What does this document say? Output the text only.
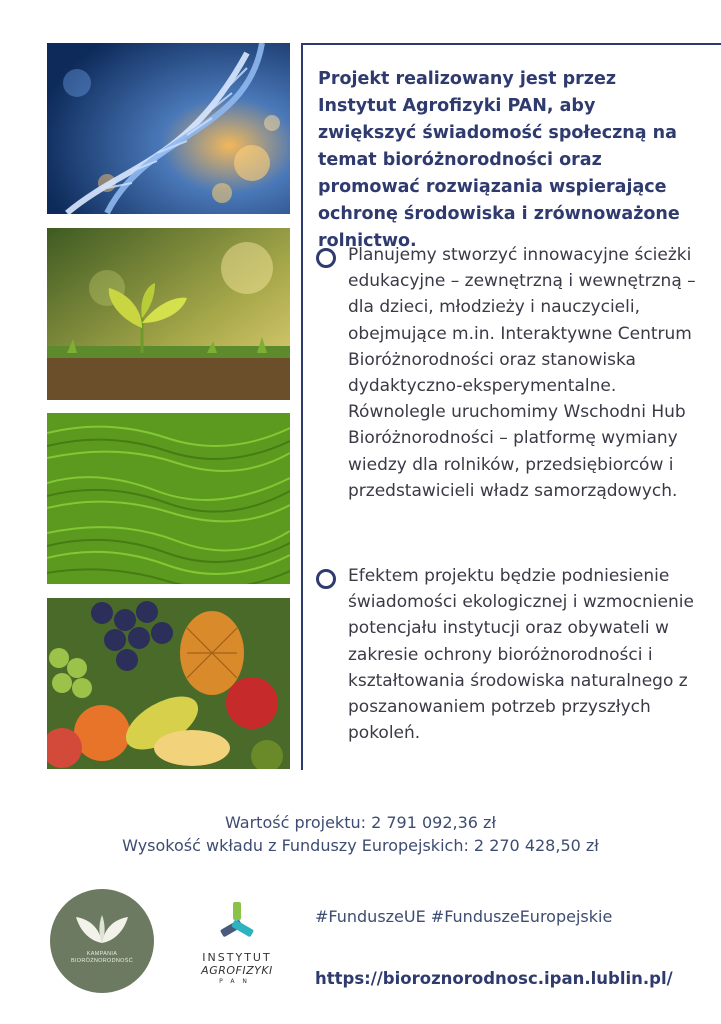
Projekt realizowany jest przez Instytut Agrofizyki PAN, aby zwiększyć świadomość społeczną na temat bioróżnorodności oraz promować rozwiązania wspierające ochronę środowiska i zrównoważone rolnictwo.

Planujemy stworzyć innowacyjne ścieżki edukacyjne – zewnętrzną i wewnętrzną – dla dzieci, młodzieży i nauczycieli, obejmujące m.in. Interaktywne Centrum Bioróżnorodności oraz stanowiska dydaktyczno-eksperymentalne. Równolegle uruchomimy Wschodni Hub Bioróżnorodności – platformę wymiany wiedzy dla rolników, przedsiębiorców i przedstawicieli władz samorządowych.

Efektem projektu będzie podniesienie świadomości ekologicznej i wzmocnienie potencjału instytucji oraz obywateli w zakresie ochrony bioróżnorodności i kształtowania środowiska naturalnego z poszanowaniem potrzeb przyszłych pokoleń.

Wartość projektu: 2 791 092,36 zł

Wysokość wkładu z Funduszy Europejskich: 2 270 428,50 zł

KAMPANIA
BIORÓŻNORODNOŚĆ	INSTYTUT
AGROFIZYKI
PAN

#FunduszeUE #FunduszeEuropejskie

https://bioroznorodnosc.ipan.lublin.pl/
